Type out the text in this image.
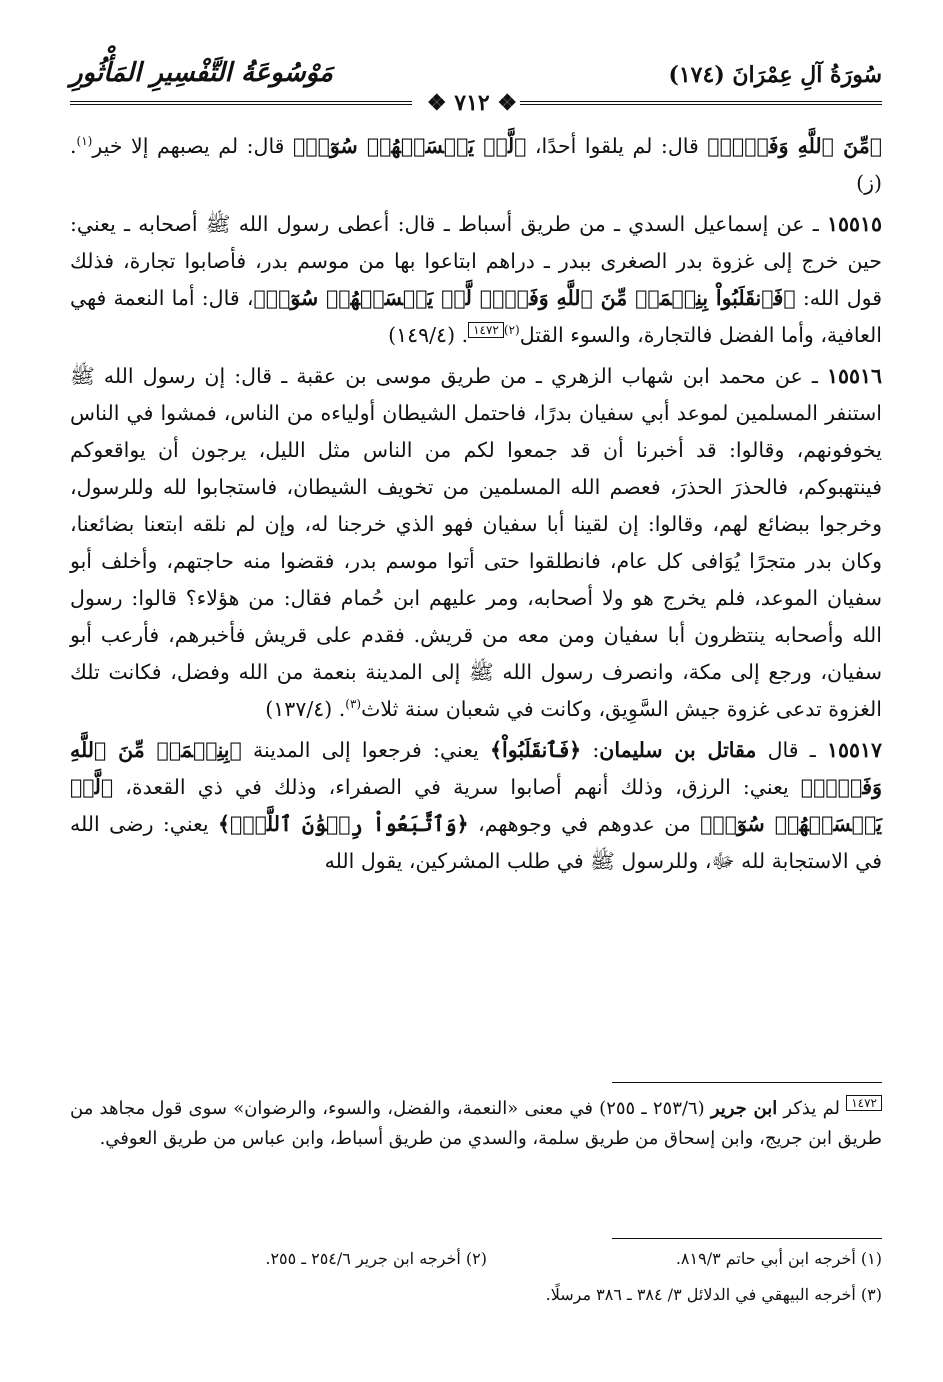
سُورَةُ آلِ عِمْرَانَ (١٧٤)
مَوْسُوعَةُ التَّفْسِيرِ المَأْثُورِ
❖ ٧١٢ ❖

﴿مِّنَ ٱللَّهِ وَفَضۡلٖ﴾ قال: لم يلقوا أحدًا، ﴿لَّمۡ يَمۡسَسۡهُمۡ سُوٓءٞ﴾ قال: لم يصبهم إلا خير$^{(١)}$. (ز)

١٥٥١٥ ـ عن إسماعيل السدي ـ من طريق أسباط ـ قال: أعطى رسول الله ﷺ أصحابه ـ يعني: حين خرج إلى غزوة بدر الصغرى ببدر ـ دراهم ابتاعوا بها من موسم بدر، فأصابوا تجارة، فذلك قول الله: ﴿فَٱنقَلَبُواْ بِنِعۡمَةٖ مِّنَ ٱللَّهِ وَفَضۡلٖ لَّمۡ يَمۡسَسۡهُمۡ سُوٓءٞ﴾، قال: أما النعمة فهي العافية، وأما الفضل فالتجارة، والسوء القتل$^{(٢)}$١٤٧٢. (١٤٩/٤)

١٥٥١٦ ـ عن محمد ابن شهاب الزهري ـ من طريق موسى بن عقبة ـ قال: إن رسول الله ﷺ استنفر المسلمين لموعد أبي سفيان بدرًا، فاحتمل الشيطان أولياءه من الناس، فمشوا في الناس يخوفونهم، وقالوا: قد أخبرنا أن قد جمعوا لكم من الناس مثل الليل، يرجون أن يواقعوكم فينتهبوكم، فالحذرَ الحذرَ، فعصم الله المسلمين من تخويف الشيطان، فاستجابوا لله وللرسول، وخرجوا ببضائع لهم، وقالوا: إن لقينا أبا سفيان فهو الذي خرجنا له، وإن لم نلقه ابتعنا بضائعنا، وكان بدر متجرًا يُوَافى كل عام، فانطلقوا حتى أتوا موسم بدر، فقضوا منه حاجتهم، وأخلف أبو سفيان الموعد، فلم يخرج هو ولا أصحابه، ومر عليهم ابن حُمام فقال: من هؤلاء؟ قالوا: رسول الله وأصحابه ينتظرون أبا سفيان ومن معه من قريش. فقدم على قريش فأخبرهم، فأرعب أبو سفيان، ورجع إلى مكة، وانصرف رسول الله ﷺ إلى المدينة بنعمة من الله وفضل، فكانت تلك الغزوة تدعى غزوة جيش السَّوِيق، وكانت في شعبان سنة ثلاث$^{(٣)}$. (١٣٧/٤)

١٥٥١٧ ـ قال مقاتل بن سليمان: ﴿فَٱنقَلَبُواْ﴾ يعني: فرجعوا إلى المدينة ﴿بِنِعۡمَةٖ مِّنَ ٱللَّهِ وَفَضۡلٖ﴾ يعني: الرزق، وذلك أنهم أصابوا سرية في الصفراء، وذلك في ذي القعدة، ﴿لَّمۡ يَمۡسَسۡهُمۡ سُوٓءٞ﴾ من عدوهم في وجوههم، ﴿وَٱتَّبَعُواْ رِضۡوَٰنَ ٱللَّهِۗ﴾ يعني: رضى الله في الاستجابة لله ﷻ، وللرسول ﷺ في طلب المشركين، يقول الله

١٤٧٢ لم يذكر ابن جرير (٢٥٣/٦ ـ ٢٥٥) في معنى «النعمة، والفضل، والسوء، والرضوان» سوى قول مجاهد من طريق ابن جريج، وابن إسحاق من طريق سلمة، والسدي من طريق أسباط، وابن عباس من طريق العوفي.
(١) أخرجه ابن أبي حاتم ٨١٩/٣.
(٢) أخرجه ابن جرير ٢٥٤/٦ ـ ٢٥٥.
(٣) أخرجه البيهقي في الدلائل ٣/ ٣٨٤ ـ ٣٨٦ مرسلًا.
